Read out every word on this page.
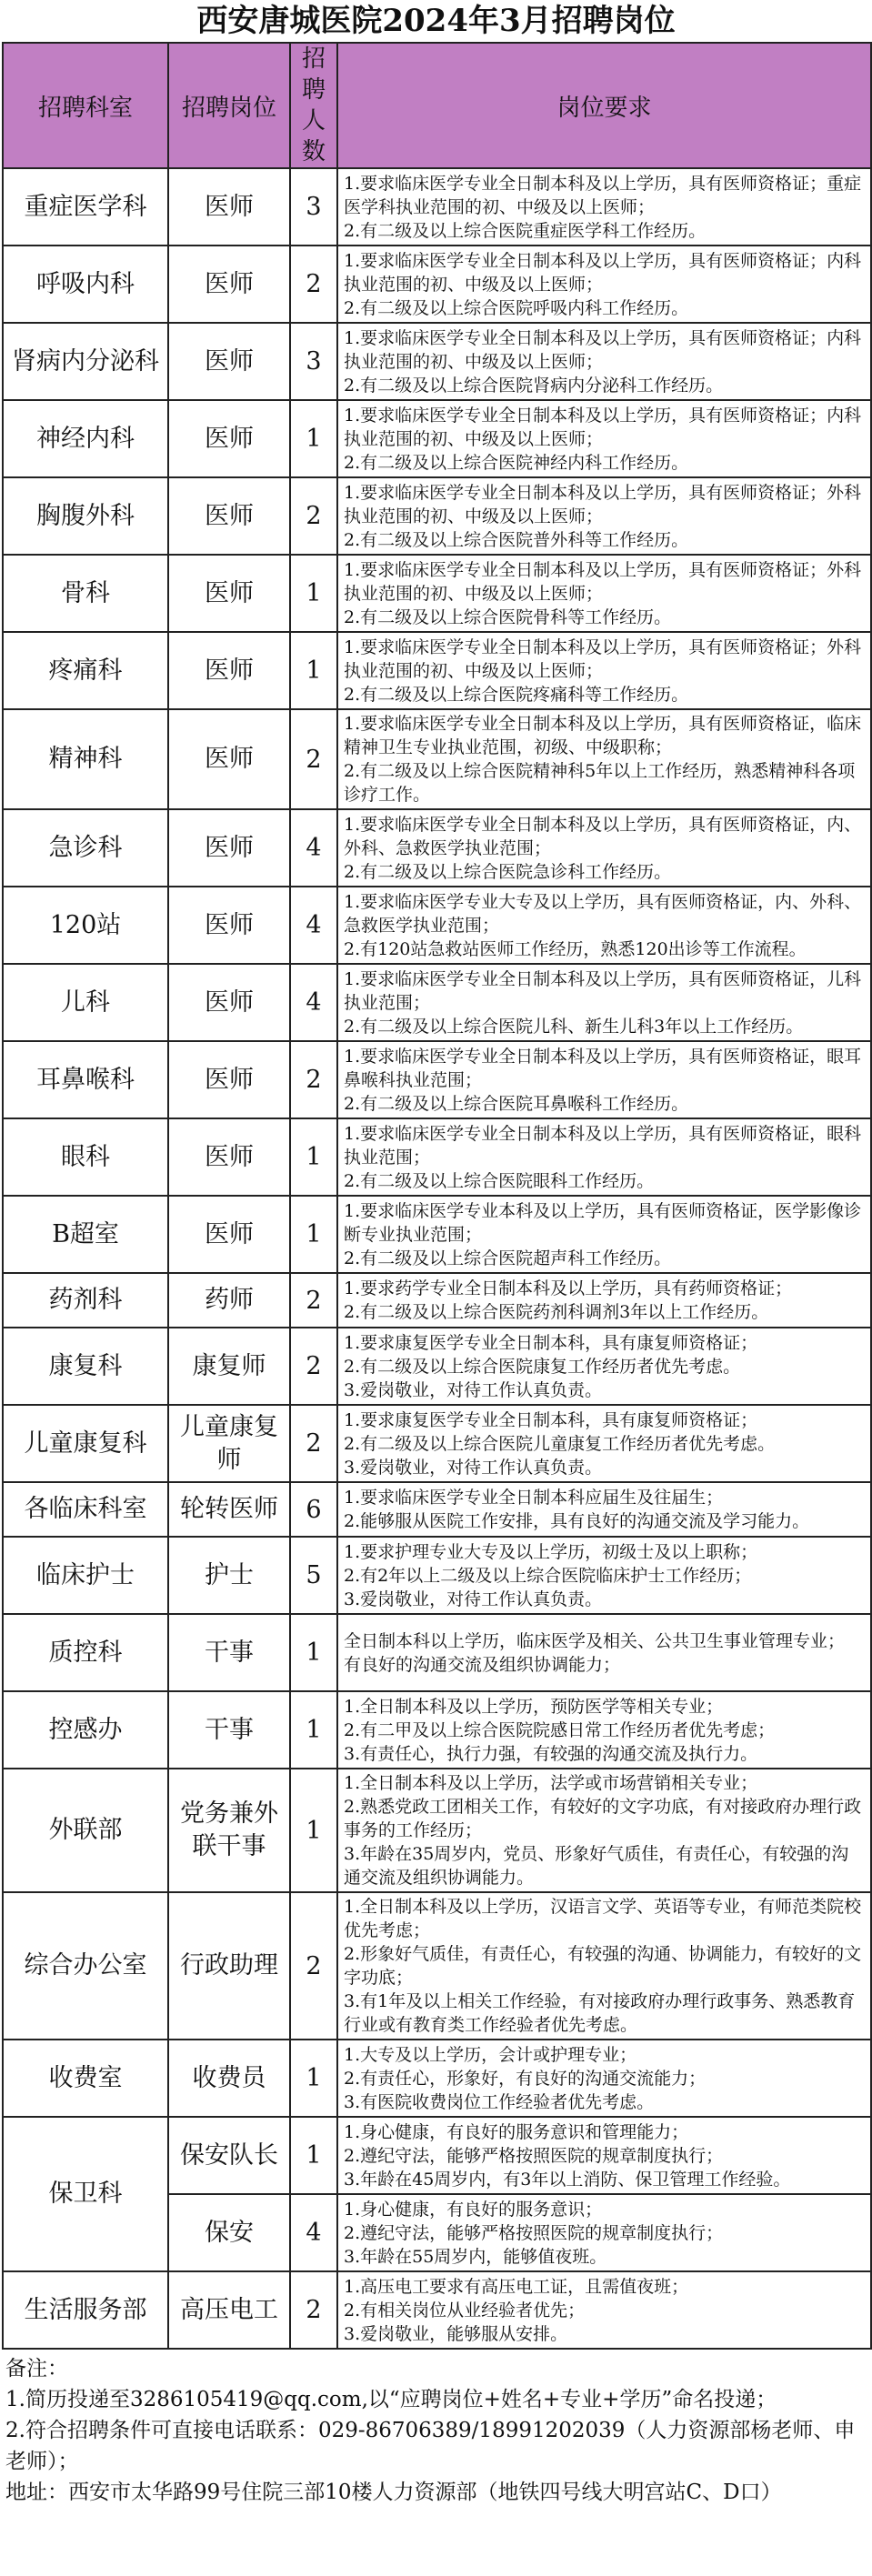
西安唐城医院2024年3月招聘岗位
招聘科室	招聘岗位	招聘人数	岗位要求
重症医学科	医师	3	1.要求临床医学专业全日制本科及以上学历，具有医师资格证；重症医学科执业范围的初、中级及以上医师；
2.有二级及以上综合医院重症医学科工作经历。

呼吸内科	医师	2	1.要求临床医学专业全日制本科及以上学历，具有医师资格证；内科执业范围的初、中级及以上医师；
2.有二级及以上综合医院呼吸内科工作经历。

肾病内分泌科	医师	3	1.要求临床医学专业全日制本科及以上学历，具有医师资格证；内科执业范围的初、中级及以上医师；
2.有二级及以上综合医院肾病内分泌科工作经历。

神经内科	医师	1	1.要求临床医学专业全日制本科及以上学历，具有医师资格证；内科执业范围的初、中级及以上医师；
2.有二级及以上综合医院神经内科工作经历。

胸腹外科	医师	2	1.要求临床医学专业全日制本科及以上学历，具有医师资格证；外科执业范围的初、中级及以上医师；
2.有二级及以上综合医院普外科等工作经历。

骨科	医师	1	1.要求临床医学专业全日制本科及以上学历，具有医师资格证；外科执业范围的初、中级及以上医师；
2.有二级及以上综合医院骨科等工作经历。

疼痛科	医师	1	1.要求临床医学专业全日制本科及以上学历，具有医师资格证；外科执业范围的初、中级及以上医师；
2.有二级及以上综合医院疼痛科等工作经历。

精神科	医师	2	1.要求临床医学专业全日制本科及以上学历，具有医师资格证，临床精神卫生专业执业范围，初级、中级职称；
2.有二级及以上综合医院精神科5年以上工作经历，熟悉精神科各项诊疗工作。

急诊科	医师	4	1.要求临床医学专业全日制本科及以上学历，具有医师资格证，内、外科、急救医学执业范围；
2.有二级及以上综合医院急诊科工作经历。

120站	医师	4	1.要求临床医学专业大专及以上学历，具有医师资格证，内、外科、急救医学执业范围；
2.有120站急救站医师工作经历，熟悉120出诊等工作流程。

儿科	医师	4	1.要求临床医学专业全日制本科及以上学历，具有医师资格证，儿科执业范围；
2.有二级及以上综合医院儿科、新生儿科3年以上工作经历。

耳鼻喉科	医师	2	1.要求临床医学专业全日制本科及以上学历，具有医师资格证，眼耳鼻喉科执业范围；
2.有二级及以上综合医院耳鼻喉科工作经历。

眼科	医师	1	1.要求临床医学专业全日制本科及以上学历，具有医师资格证，眼科执业范围；
2.有二级及以上综合医院眼科工作经历。

B超室	医师	1	1.要求临床医学专业本科及以上学历，具有医师资格证，医学影像诊断专业执业范围；
2.有二级及以上综合医院超声科工作经历。

药剂科	药师	2	1.要求药学专业全日制本科及以上学历，具有药师资格证；
2.有二级及以上综合医院药剂科调剂3年以上工作经历。

康复科	康复师	2	1.要求康复医学专业全日制本科，具有康复师资格证；
2.有二级及以上综合医院康复工作经历者优先考虑。
3.爱岗敬业，对待工作认真负责。

儿童康复科	儿童康复师	2	1.要求康复医学专业全日制本科，具有康复师资格证；
2.有二级及以上综合医院儿童康复工作经历者优先考虑。
3.爱岗敬业，对待工作认真负责。

各临床科室	轮转医师	6	1.要求临床医学专业全日制本科应届生及往届生；
2.能够服从医院工作安排，具有良好的沟通交流及学习能力。

临床护士	护士	5	1.要求护理专业大专及以上学历，初级士及以上职称；
2.有2年以上二级及以上综合医院临床护士工作经历；
3.爱岗敬业，对待工作认真负责。

质控科	干事	1	全日制本科以上学历，临床医学及相关、公共卫生事业管理专业；
有良好的沟通交流及组织协调能力；

控感办	干事	1	1.全日制本科及以上学历，预防医学等相关专业；
2.有二甲及以上综合医院院感日常工作经历者优先考虑；
3.有责任心，执行力强，有较强的沟通交流及执行力。

外联部	党务兼外联干事	1	1.全日制本科及以上学历，法学或市场营销相关专业；
2.熟悉党政工团相关工作，有较好的文字功底，有对接政府办理行政事务的工作经历；
3.年龄在35周岁内，党员、形象好气质佳，有责任心，有较强的沟通交流及组织协调能力。

综合办公室	行政助理	2	1.全日制本科及以上学历，汉语言文学、英语等专业，有师范类院校优先考虑；
2.形象好气质佳，有责任心，有较强的沟通、协调能力，有较好的文字功底；
3.有1年及以上相关工作经验，有对接政府办理行政事务、熟悉教育行业或有教育类工作经验者优先考虑。

收费室	收费员	1	1.大专及以上学历，会计或护理专业；
2.有责任心，形象好，有良好的沟通交流能力；
3.有医院收费岗位工作经验者优先考虑。

保卫科	保安队长	1	1.身心健康，有良好的服务意识和管理能力；
2.遵纪守法，能够严格按照医院的规章制度执行；
3.年龄在45周岁内，有3年以上消防、保卫管理工作经验。

	保安	4	1.身心健康，有良好的服务意识；
2.遵纪守法，能够严格按照医院的规章制度执行；
3.年龄在55周岁内，能够值夜班。

生活服务部	高压电工	2	1.高压电工要求有高压电工证，且需值夜班；
2.有相关岗位从业经验者优先；
3.爱岗敬业，能够服从安排。
备注：
1.简历投递至3286105419@qq.com,以“应聘岗位+姓名+专业+学历”命名投递；
2.符合招聘条件可直接电话联系：029-86706389/18991202039（人力资源部杨老师、申老师）；
地址：西安市太华路99号住院三部10楼人力资源部（地铁四号线大明宫站C、D口）
